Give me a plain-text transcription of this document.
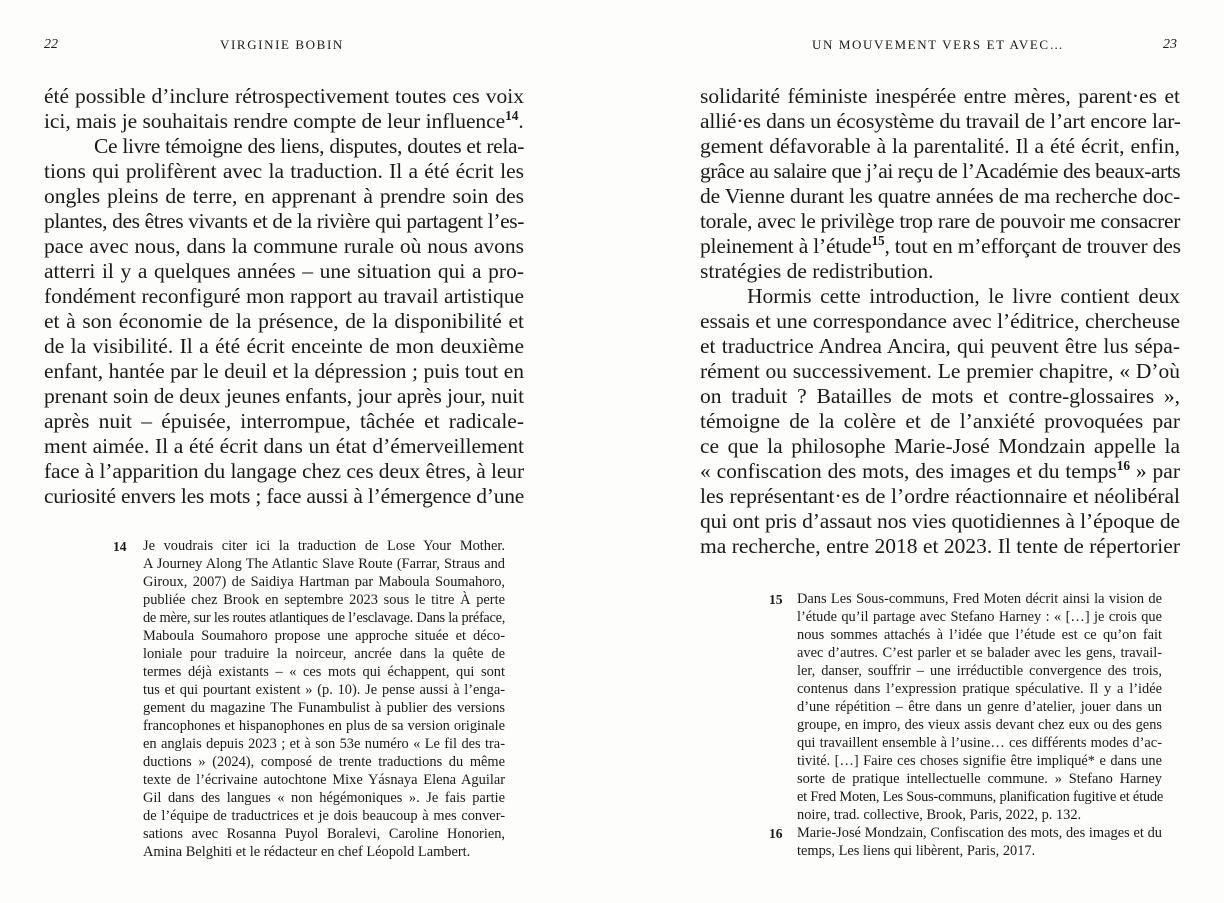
22	VIRGINIE BOBIN
été possible d’inclure rétrospectivement toutes ces voix
ici, mais je souhaitais rendre compte de leur influence$^{14}$.
Ce livre témoigne des liens, disputes, doutes et rela-
tions qui prolifèrent avec la traduction. Il a été écrit les
ongles pleins de terre, en apprenant à prendre soin des
plantes, des êtres vivants et de la rivière qui partagent l’es-
pace avec nous, dans la commune rurale où nous avons
atterri il y a quelques années – une situation qui a pro-
fondément reconfiguré mon rapport au travail artistique
et à son économie de la présence, de la disponibilité et
de la visibilité. Il a été écrit enceinte de mon deuxième
enfant, hantée par le deuil et la dépression ; puis tout en
prenant soin de deux jeunes enfants, jour après jour, nuit
après nuit – épuisée, interrompue, tâchée et radicale-
ment aimée. Il a été écrit dans un état d’émerveillement
face à l’apparition du langage chez ces deux êtres, à leur
curiosité envers les mots ; face aussi à l’émergence d’une
14 Je voudrais citer ici la traduction de Lose Your Mother.
A Journey Along The Atlantic Slave Route (Farrar, Straus and
Giroux, 2007) de Saidiya Hartman par Maboula Soumahoro,
publiée chez Brook en septembre 2023 sous le titre À perte
de mère, sur les routes atlantiques de l’esclavage. Dans la préface,
Maboula Soumahoro propose une approche située et déco-
loniale pour traduire la noirceur, ancrée dans la quête de
termes déjà existants – « ces mots qui échappent, qui sont
tus et qui pourtant existent » (p. 10). Je pense aussi à l’enga-
gement du magazine The Funambulist à publier des versions
francophones et hispanophones en plus de sa version originale
en anglais depuis 2023 ; et à son 53e numéro « Le fil des tra-
ductions » (2024), composé de trente traductions du même
texte de l’écrivaine autochtone Mixe Yásnaya Elena Aguilar
Gil dans des langues « non hégémoniques ». Je fais partie
de l’équipe de traductrices et je dois beaucoup à mes conver-
sations avec Rosanna Puyol Boralevi, Caroline Honorien,
Amina Belghiti et le rédacteur en chef Léopold Lambert.
UN MOUVEMENT VERS ET AVEC…	23
solidarité féministe inespérée entre mères, parent·es et
allié·es dans un écosystème du travail de l’art encore lar-
gement défavorable à la parentalité. Il a été écrit, enfin,
grâce au salaire que j’ai reçu de l’Académie des beaux-arts
de Vienne durant les quatre années de ma recherche doc-
torale, avec le privilège trop rare de pouvoir me consacrer
pleinement à l’étude$^{15}$, tout en m’efforçant de trouver des
stratégies de redistribution.
Hormis cette introduction, le livre contient deux
essais et une correspondance avec l’éditrice, chercheuse
et traductrice Andrea Ancira, qui peuvent être lus sépa-
rément ou successivement. Le premier chapitre, « D’où
on traduit ? Batailles de mots et contre-glossaires »,
témoigne de la colère et de l’anxiété provoquées par
ce que la philosophe Marie-José Mondzain appelle la
« confiscation des mots, des images et du temps$^{16}$ » par
les représentant·es de l’ordre réactionnaire et néolibéral
qui ont pris d’assaut nos vies quotidiennes à l’époque de
ma recherche, entre 2018 et 2023. Il tente de répertorier
15 Dans Les Sous-communs, Fred Moten décrit ainsi la vision de
l’étude qu’il partage avec Stefano Harney : « […] je crois que
nous sommes attachés à l’idée que l’étude est ce qu’on fait
avec d’autres. C’est parler et se balader avec les gens, travail-
ler, danser, souffrir – une irréductible convergence des trois,
contenus dans l’expression pratique spéculative. Il y a l’idée
d’une répétition – être dans un genre d’atelier, jouer dans un
groupe, en impro, des vieux assis devant chez eux ou des gens
qui travaillent ensemble à l’usine… ces différents modes d’ac-
tivité. […] Faire ces choses signifie être impliqué* e dans une
sorte de pratique intellectuelle commune. » Stefano Harney
et Fred Moten, Les Sous-communs, planification fugitive et étude
noire, trad. collective, Brook, Paris, 2022, p. 132.
16 Marie-José Mondzain, Confiscation des mots, des images et du
temps, Les liens qui libèrent, Paris, 2017.
